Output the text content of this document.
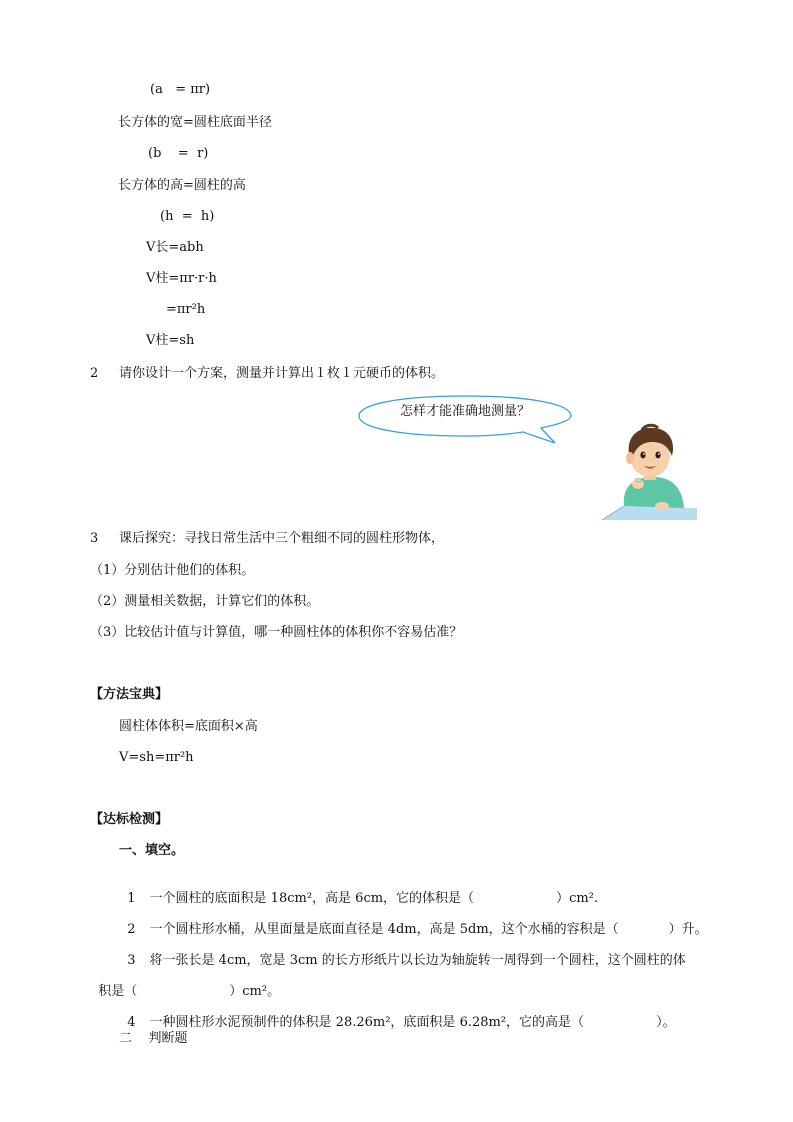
(a   = πr)
长方体的宽=圆柱底面半径
(b    =  r)
长方体的高=圆柱的高
(h  =  h)
V长=abh
V柱=πr·r·h
=πr²h
V柱=sh
2 请你设计一个方案，测量并计算出１枚１元硬币的体积。
怎样才能准确地测量？
3 课后探究：寻找日常生活中三个粗细不同的圆柱形物体，
（1）分别估计他们的体积。
（2）测量相关数据，计算它们的体积。
（3）比较估计值与计算值，哪一种圆柱体的体积你不容易估准？
【方法宝典】
圆柱体体积=底面积×高
V=sh=πr²h
【达标检测】
一、填空。

1 一个圆柱的底面积是 18cm²，高是 6cm，它的体积是（	）cm².

2 一个圆柱形水桶，从里面量是底面直径是 4dm，高是 5dm，这个水桶的容积是（	）升。

3 将一张长是 4cm，宽是 3cm 的长方形纸片以长边为轴旋转一周得到一个圆柱，这个圆柱的体

积是（	）cm²。

4 一种圆柱形水泥预制件的体积是 28.26m²，底面积是 6.28m²，它的高是（	）。

二    判断题
